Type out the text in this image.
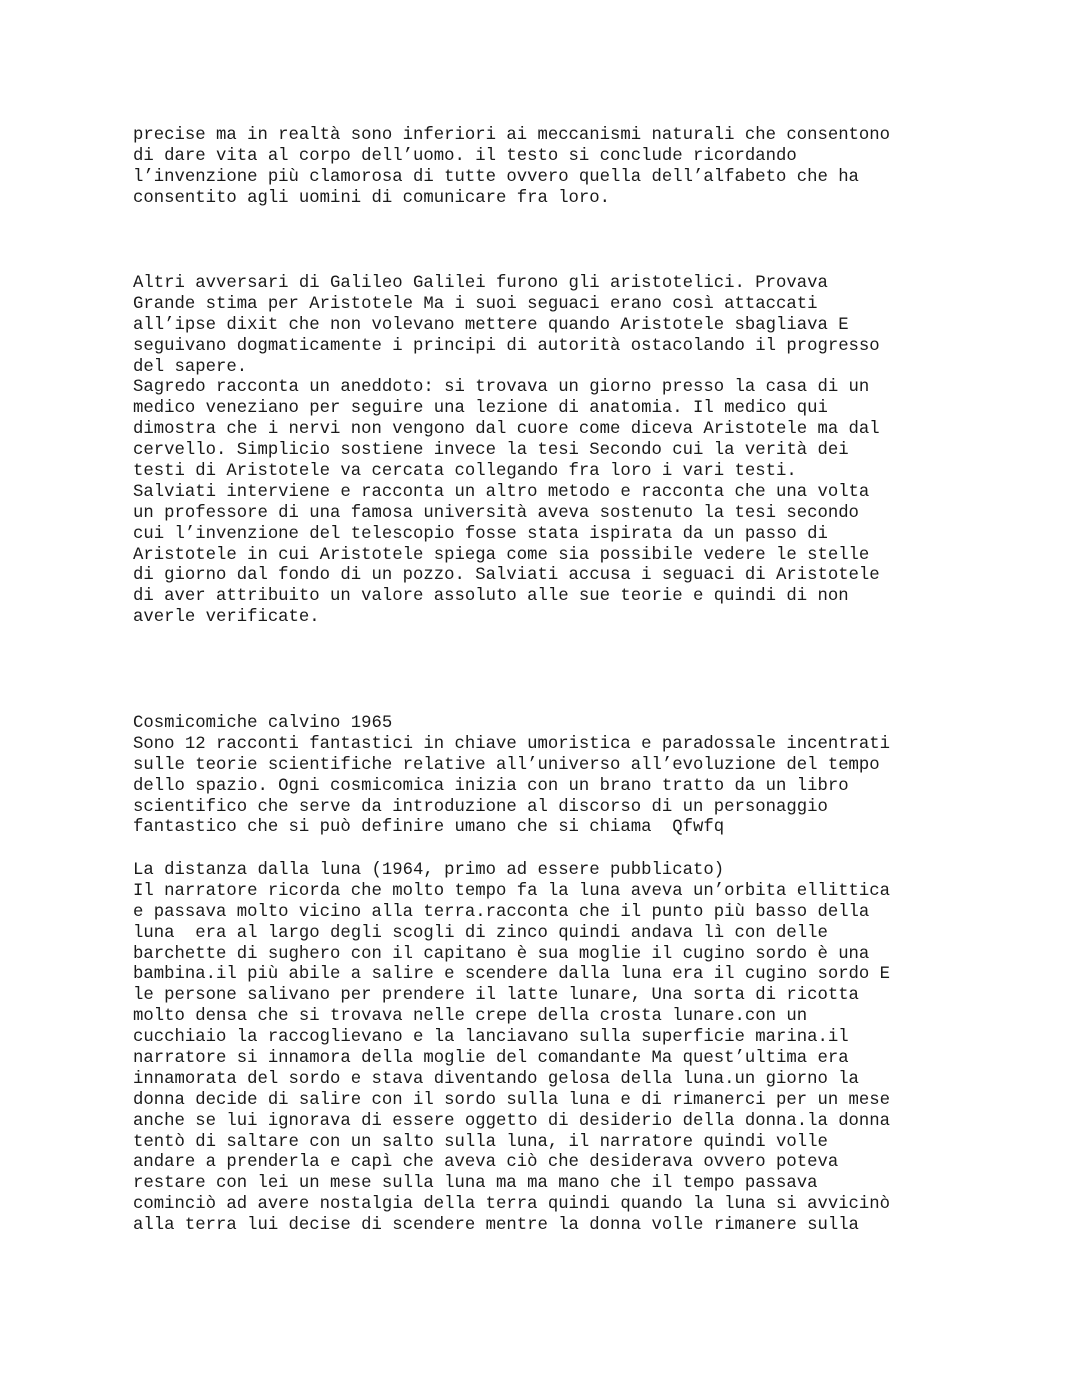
precise ma in realtà sono inferiori ai meccanismi naturali che consentono
di dare vita al corpo dell’uomo. il testo si conclude ricordando
l’invenzione più clamorosa di tutte ovvero quella dell’alfabeto che ha
consentito agli uomini di comunicare fra loro.
Altri avversari di Galileo Galilei furono gli aristotelici. Provava
Grande stima per Aristotele Ma i suoi seguaci erano così attaccati
all’ipse dixit che non volevano mettere quando Aristotele sbagliava E
seguivano dogmaticamente i principi di autorità ostacolando il progresso
del sapere.
Sagredo racconta un aneddoto: si trovava un giorno presso la casa di un
medico veneziano per seguire una lezione di anatomia. Il medico qui
dimostra che i nervi non vengono dal cuore come diceva Aristotele ma dal
cervello. Simplicio sostiene invece la tesi Secondo cui la verità dei
testi di Aristotele va cercata collegando fra loro i vari testi.
Salviati interviene e racconta un altro metodo e racconta che una volta
un professore di una famosa università aveva sostenuto la tesi secondo
cui l’invenzione del telescopio fosse stata ispirata da un passo di
Aristotele in cui Aristotele spiega come sia possibile vedere le stelle
di giorno dal fondo di un pozzo. Salviati accusa i seguaci di Aristotele
di aver attribuito un valore assoluto alle sue teorie e quindi di non
averle verificate.
Cosmicomiche calvino 1965
Sono 12 racconti fantastici in chiave umoristica e paradossale incentrati
sulle teorie scientifiche relative all’universo all’evoluzione del tempo
dello spazio. Ogni cosmicomica inizia con un brano tratto da un libro
scientifico che serve da introduzione al discorso di un personaggio
fantastico che si può definire umano che si chiama  Qfwfq
La distanza dalla luna (1964, primo ad essere pubblicato)
Il narratore ricorda che molto tempo fa la luna aveva un’orbita ellittica
e passava molto vicino alla terra.racconta che il punto più basso della
luna  era al largo degli scogli di zinco quindi andava lì con delle
barchette di sughero con il capitano è sua moglie il cugino sordo è una
bambina.il più abile a salire e scendere dalla luna era il cugino sordo E
le persone salivano per prendere il latte lunare, Una sorta di ricotta
molto densa che si trovava nelle crepe della crosta lunare.con un
cucchiaio la raccoglievano e la lanciavano sulla superficie marina.il
narratore si innamora della moglie del comandante Ma quest’ultima era
innamorata del sordo e stava diventando gelosa della luna.un giorno la
donna decide di salire con il sordo sulla luna e di rimanerci per un mese
anche se lui ignorava di essere oggetto di desiderio della donna.la donna
tentò di saltare con un salto sulla luna, il narratore quindi volle
andare a prenderla e capì che aveva ciò che desiderava ovvero poteva
restare con lei un mese sulla luna ma ma mano che il tempo passava
cominciò ad avere nostalgia della terra quindi quando la luna si avvicinò
alla terra lui decise di scendere mentre la donna volle rimanere sulla
